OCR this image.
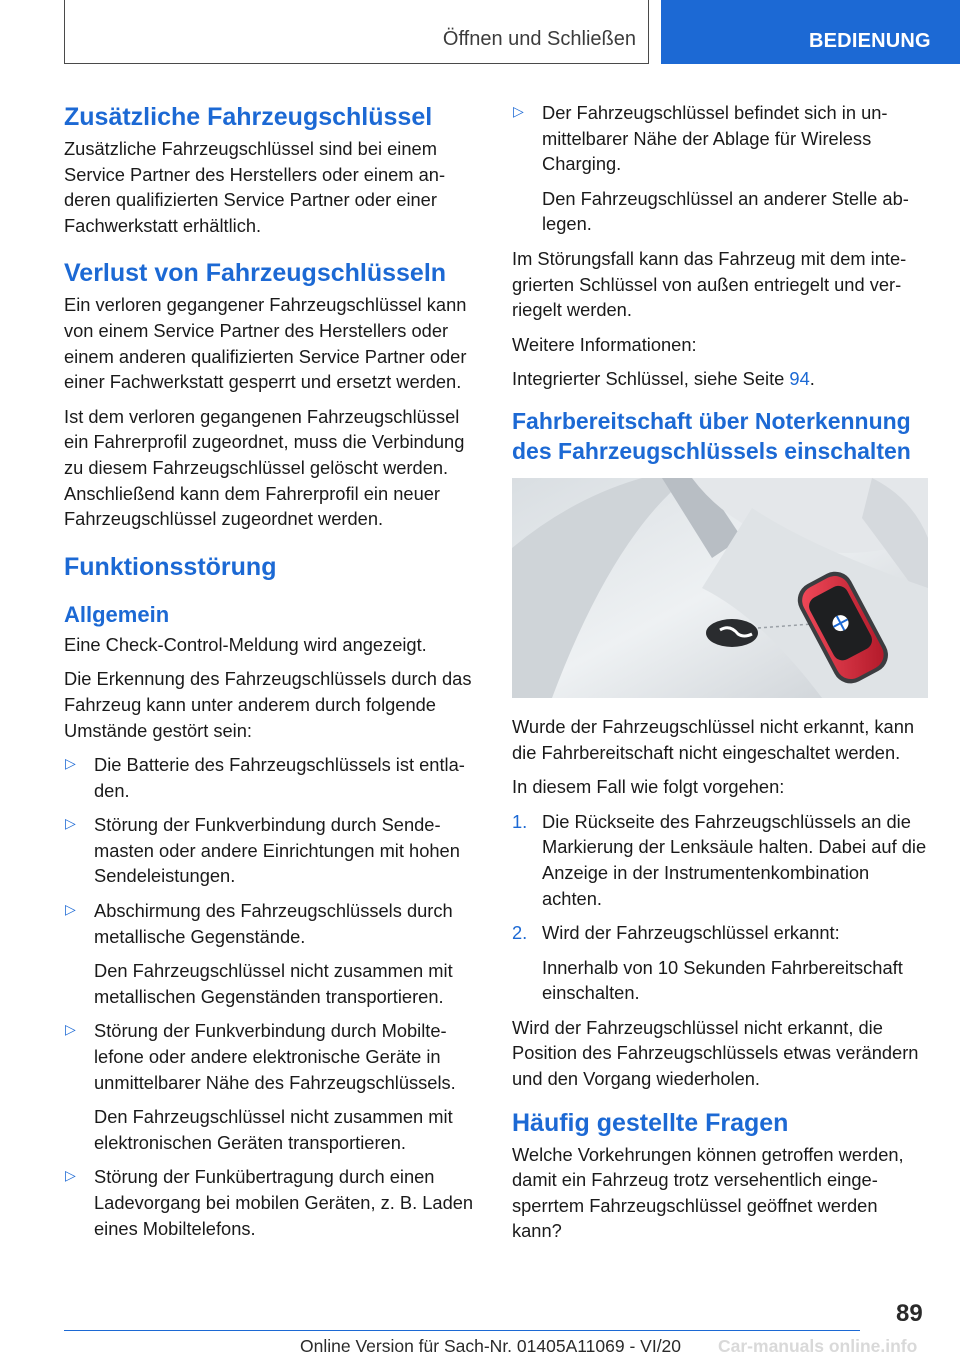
Öffnen und Schließen	BEDIENUNG
Zusätzliche Fahrzeugschlüssel

Zusätzliche Fahrzeugschlüssel sind bei einem Service Partner des Herstellers oder einem anderen qualifizierten Service Partner oder einer Fachwerkstatt erhältlich.

Verlust von Fahrzeugschlüsseln

Ein verloren gegangener Fahrzeugschlüssel kann von einem Service Partner des Herstellers oder einem anderen qualifizierten Service Partner oder einer Fachwerkstatt gesperrt und ersetzt werden.

Ist dem verloren gegangenen Fahrzeugschlüssel ein Fahrerprofil zugeordnet, muss die Verbindung zu diesem Fahrzeugschlüssel gelöscht werden. Anschließend kann dem Fahrerprofil ein neuer Fahrzeugschlüssel zugeordnet werden.

Funktionsstörung
Allgemein

Eine Check-Control-Meldung wird angezeigt.

Die Erkennung des Fahrzeugschlüssels durch das Fahrzeug kann unter anderem durch folgende Umstände gestört sein:

▷ Die Batterie des Fahrzeugschlüssels ist entladen.

▷ Störung der Funkverbindung durch Sendemasten oder andere Einrichtungen mit hohen Sendeleistungen.

▷ Abschirmung des Fahrzeugschlüssels durch metallische Gegenstände.

Den Fahrzeugschlüssel nicht zusammen mit metallischen Gegenständen transportieren.

▷ Störung der Funkverbindung durch Mobiltelefone oder andere elektronische Geräte in unmittelbarer Nähe des Fahrzeugschlüssels.

Den Fahrzeugschlüssel nicht zusammen mit elektronischen Geräten transportieren.

▷ Störung der Funkübertragung durch einen Ladevorgang bei mobilen Geräten, z. B. Laden eines Mobiltelefons.

▷ Der Fahrzeugschlüssel befindet sich in unmittelbarer Nähe der Ablage für Wireless Charging.

Den Fahrzeugschlüssel an anderer Stelle ablegen.

Im Störungsfall kann das Fahrzeug mit dem integrierten Schlüssel von außen entriegelt und verriegelt werden.

Weitere Informationen:

Integrierter Schlüssel, siehe Seite 94.

Fahrbereitschaft über Noterkennung des Fahrzeugschlüssels einschalten

Wurde der Fahrzeugschlüssel nicht erkannt, kann die Fahrbereitschaft nicht eingeschaltet werden.

In diesem Fall wie folgt vorgehen:

1. Die Rückseite des Fahrzeugschlüssels an die Markierung der Lenksäule halten. Dabei auf die Anzeige in der Instrumentenkombination achten.

2. Wird der Fahrzeugschlüssel erkannt:

Innerhalb von 10 Sekunden Fahrbereitschaft einschalten.

Wird der Fahrzeugschlüssel nicht erkannt, die Position des Fahrzeugschlüssels etwas verändern und den Vorgang wiederholen.

Häufig gestellte Fragen

Welche Vorkehrungen können getroffen werden, damit ein Fahrzeug trotz versehentlich eingesperrtem Fahrzeugschlüssel geöffnet werden kann?

89
Online Version für Sach-Nr. 01405A11069 - VI/20 Car-manuals online.info
